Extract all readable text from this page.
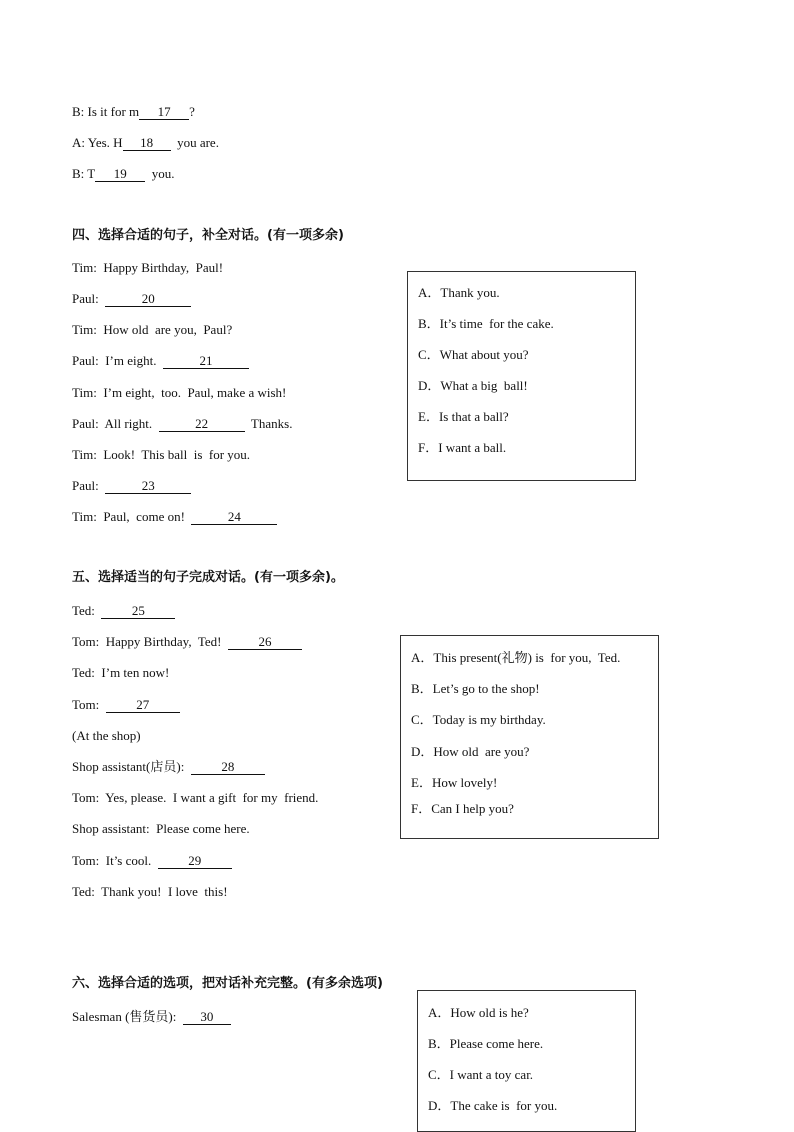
B: Is it for m 17 ?
A: Yes. H 18  you are.
B: T 19  you.
四、选择合适的句子，补全对话。(有一项多余)
Tim:  Happy Birthday,  Paul!
Paul:	20
Tim:  How old  are you,  Paul?
Paul:  I’m eight.	21
Tim:  I’m eight,  too.  Paul, make a wish!
Paul:  All right.	22	Thanks.
Tim:  Look!  This ball  is  for you.
Paul:	23
Tim:  Paul,  come on!	24
A．Thank you.
B．It’s time  for the cake.
C．What about you?
D．What a big  ball!
E．Is that a ball?
F．I want a ball.
五、选择适当的句子完成对话。(有一项多余)。
Ted:  25
Tom:  Happy Birthday,  Ted!  26
Ted:  I’m ten now!
Tom:  27
(At the shop)
Shop assistant(店员):  28
Tom:  Yes, please.  I want a gift  for my  friend.
Shop assistant:  Please come here.
Tom:  It’s cool.  29
Ted:  Thank you!  I love  this!
A．This present(礼物) is  for you,  Ted.
B．Let’s go to the shop!
C．Today is my birthday.
D．How old  are you?
E．How lovely!
F．Can I help you?
六、选择合适的选项，把对话补充完整。(有多余选项)
Salesman (售货员):  30	A．How old is he?
B．Please come here.
C．I want a toy car.
D．The cake is  for you.
